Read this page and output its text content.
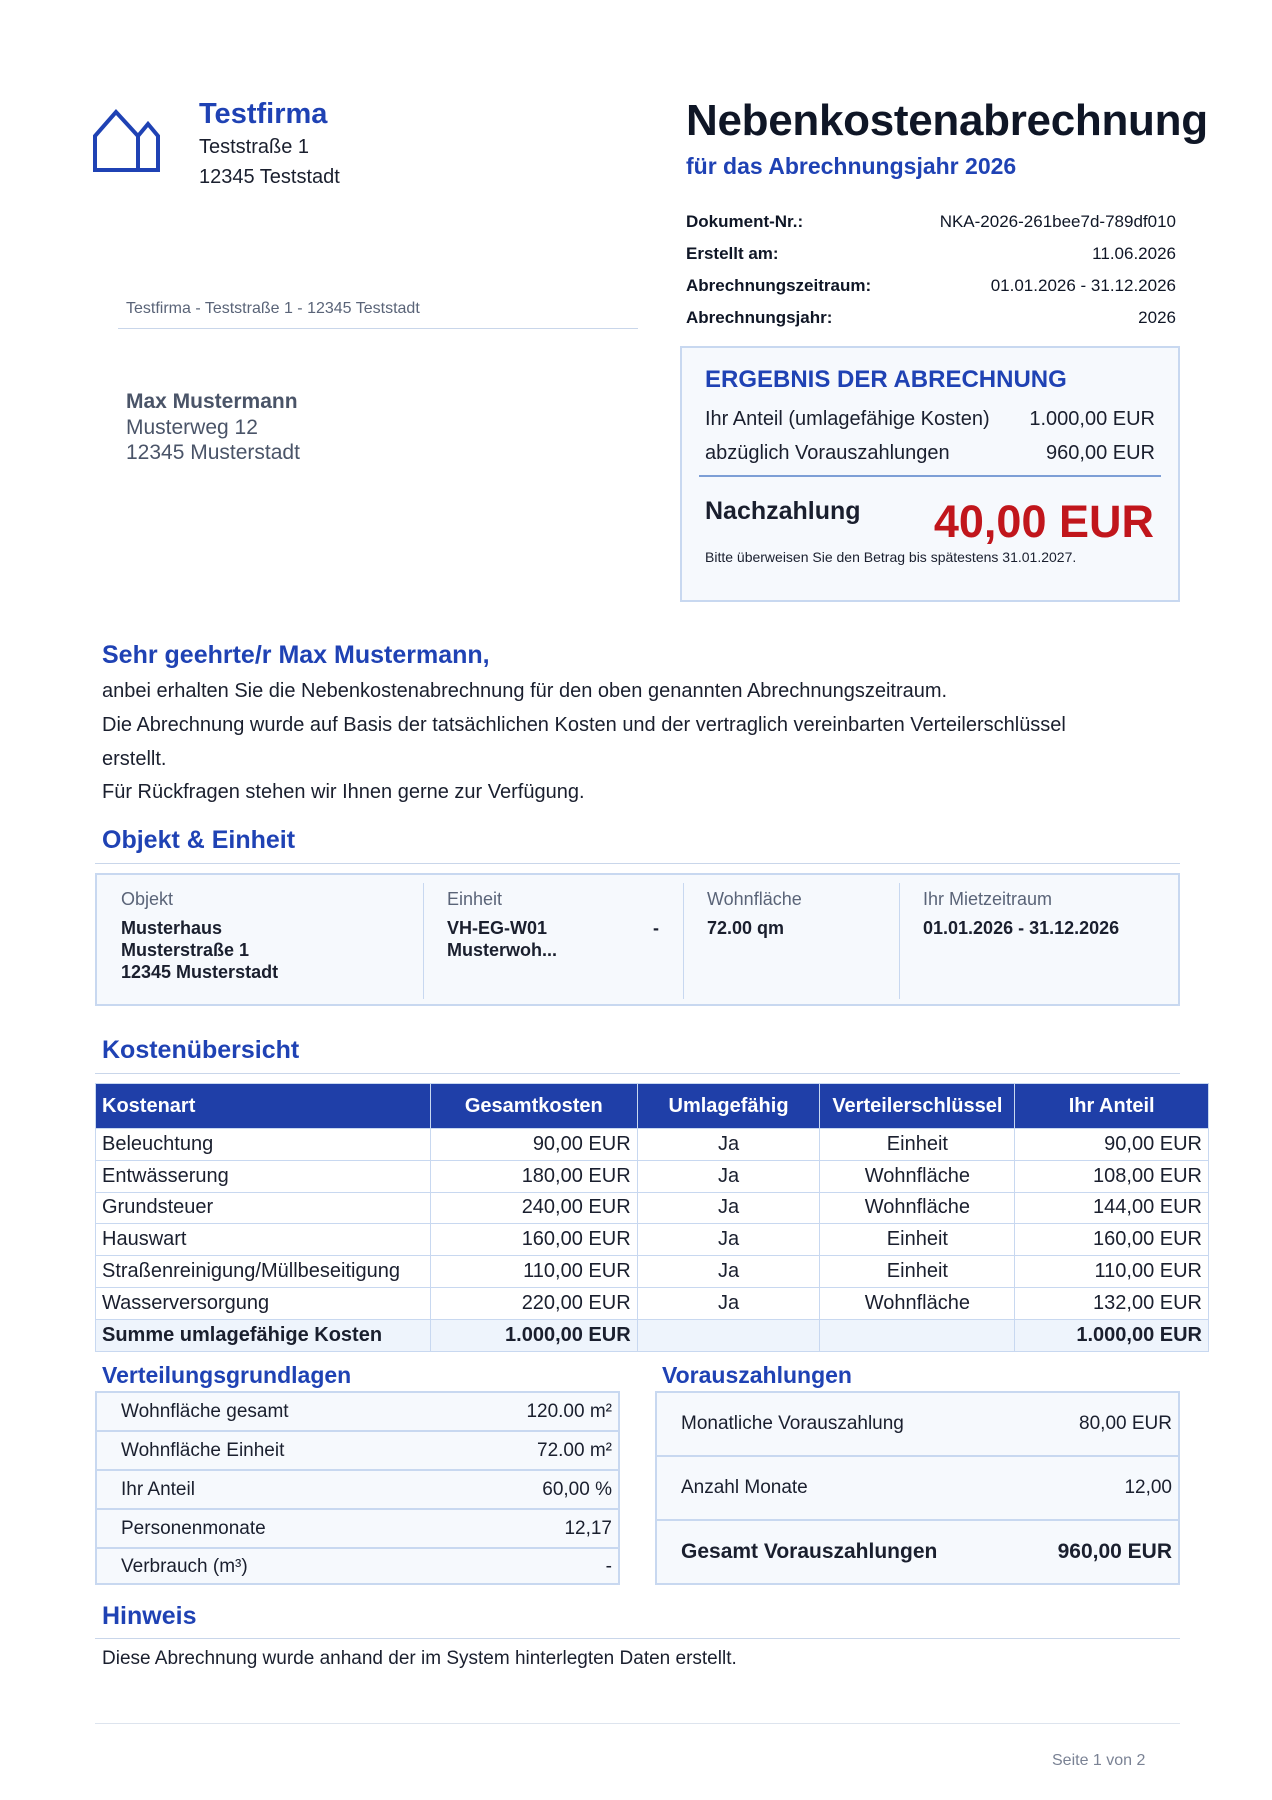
Testfirma
Teststraße 1
12345 Teststadt
Testfirma - Teststraße 1 - 12345 Teststadt
Max Mustermann
Musterweg 12
12345 Musterstadt
Nebenkostenabrechnung
für das Abrechnungsjahr 2026
Dokument-Nr.:	NKA-2026-261bee7d-789df010
Erstellt am:	11.06.2026
Abrechnungszeitraum:	01.01.2026 - 31.12.2026
Abrechnungsjahr:	2026
ERGEBNIS DER ABRECHNUNG
Ihr Anteil (umlagefähige Kosten) 1.000,00 EUR
abzüglich Vorauszahlungen	960,00 EUR
Nachzahlung 40,00 EUR
Bitte überweisen Sie den Betrag bis spätestens 31.01.2027.
Sehr geehrte/r Max Mustermann,
anbei erhalten Sie die Nebenkostenabrechnung für den oben genannten Abrechnungszeitraum.
Die Abrechnung wurde auf Basis der tatsächlichen Kosten und der vertraglich vereinbarten Verteilerschlüssel
erstellt.
Für Rückfragen stehen wir Ihnen gerne zur Verfügung.
Objekt & Einheit
Objekt
Musterhaus
Musterstraße 1
12345 Musterstadt
Einheit
VH-EG-W01	-
Musterwoh...
Wohnfläche
72.00 qm
Ihr Mietzeitraum
01.01.2026 - 31.12.2026
Kostenübersicht
Kostenart	Gesamtkosten	Umlagefähig	Verteilerschlüssel	Ihr Anteil
Beleuchtung	90,00 EUR	Ja	Einheit	90,00 EUR
Entwässerung	180,00 EUR	Ja	Wohnfläche	108,00 EUR
Grundsteuer	240,00 EUR	Ja	Wohnfläche	144,00 EUR
Hauswart	160,00 EUR	Ja	Einheit	160,00 EUR
Straßenreinigung/Müllbeseitigung	110,00 EUR	Ja	Einheit	110,00 EUR
Wasserversorgung	220,00 EUR	Ja	Wohnfläche	132,00 EUR
Summe umlagefähige Kosten	1.000,00 EUR			1.000,00 EUR
Verteilungsgrundlagen
Wohnfläche gesamt	120.00 m²
Wohnfläche Einheit	72.00 m²
Ihr Anteil	60,00 %
Personenmonate	12,17
Verbrauch (m³)	-
Vorauszahlungen
Monatliche Vorauszahlung	80,00 EUR
Anzahl Monate	12,00
Gesamt Vorauszahlungen	960,00 EUR
Hinweis
Diese Abrechnung wurde anhand der im System hinterlegten Daten erstellt.
Seite 1 von 2
